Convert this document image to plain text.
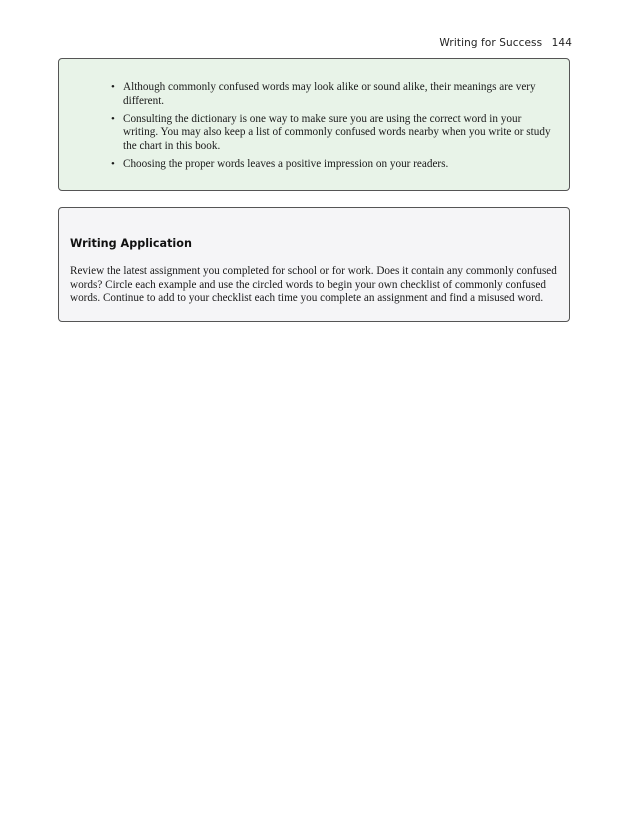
Writing for Success 144
• Although commonly confused words may look alike or sound alike, their meanings are very different.
• Consulting the dictionary is one way to make sure you are using the correct word in your writing. You may also keep a list of commonly confused words nearby when you write or study the chart in this book.
• Choosing the proper words leaves a positive impression on your readers.
Writing Application

Review the latest assignment you completed for school or for work. Does it contain any commonly confused words? Circle each example and use the circled words to begin your own checklist of commonly confused words. Continue to add to your checklist each time you complete an assignment and find a misused word.
